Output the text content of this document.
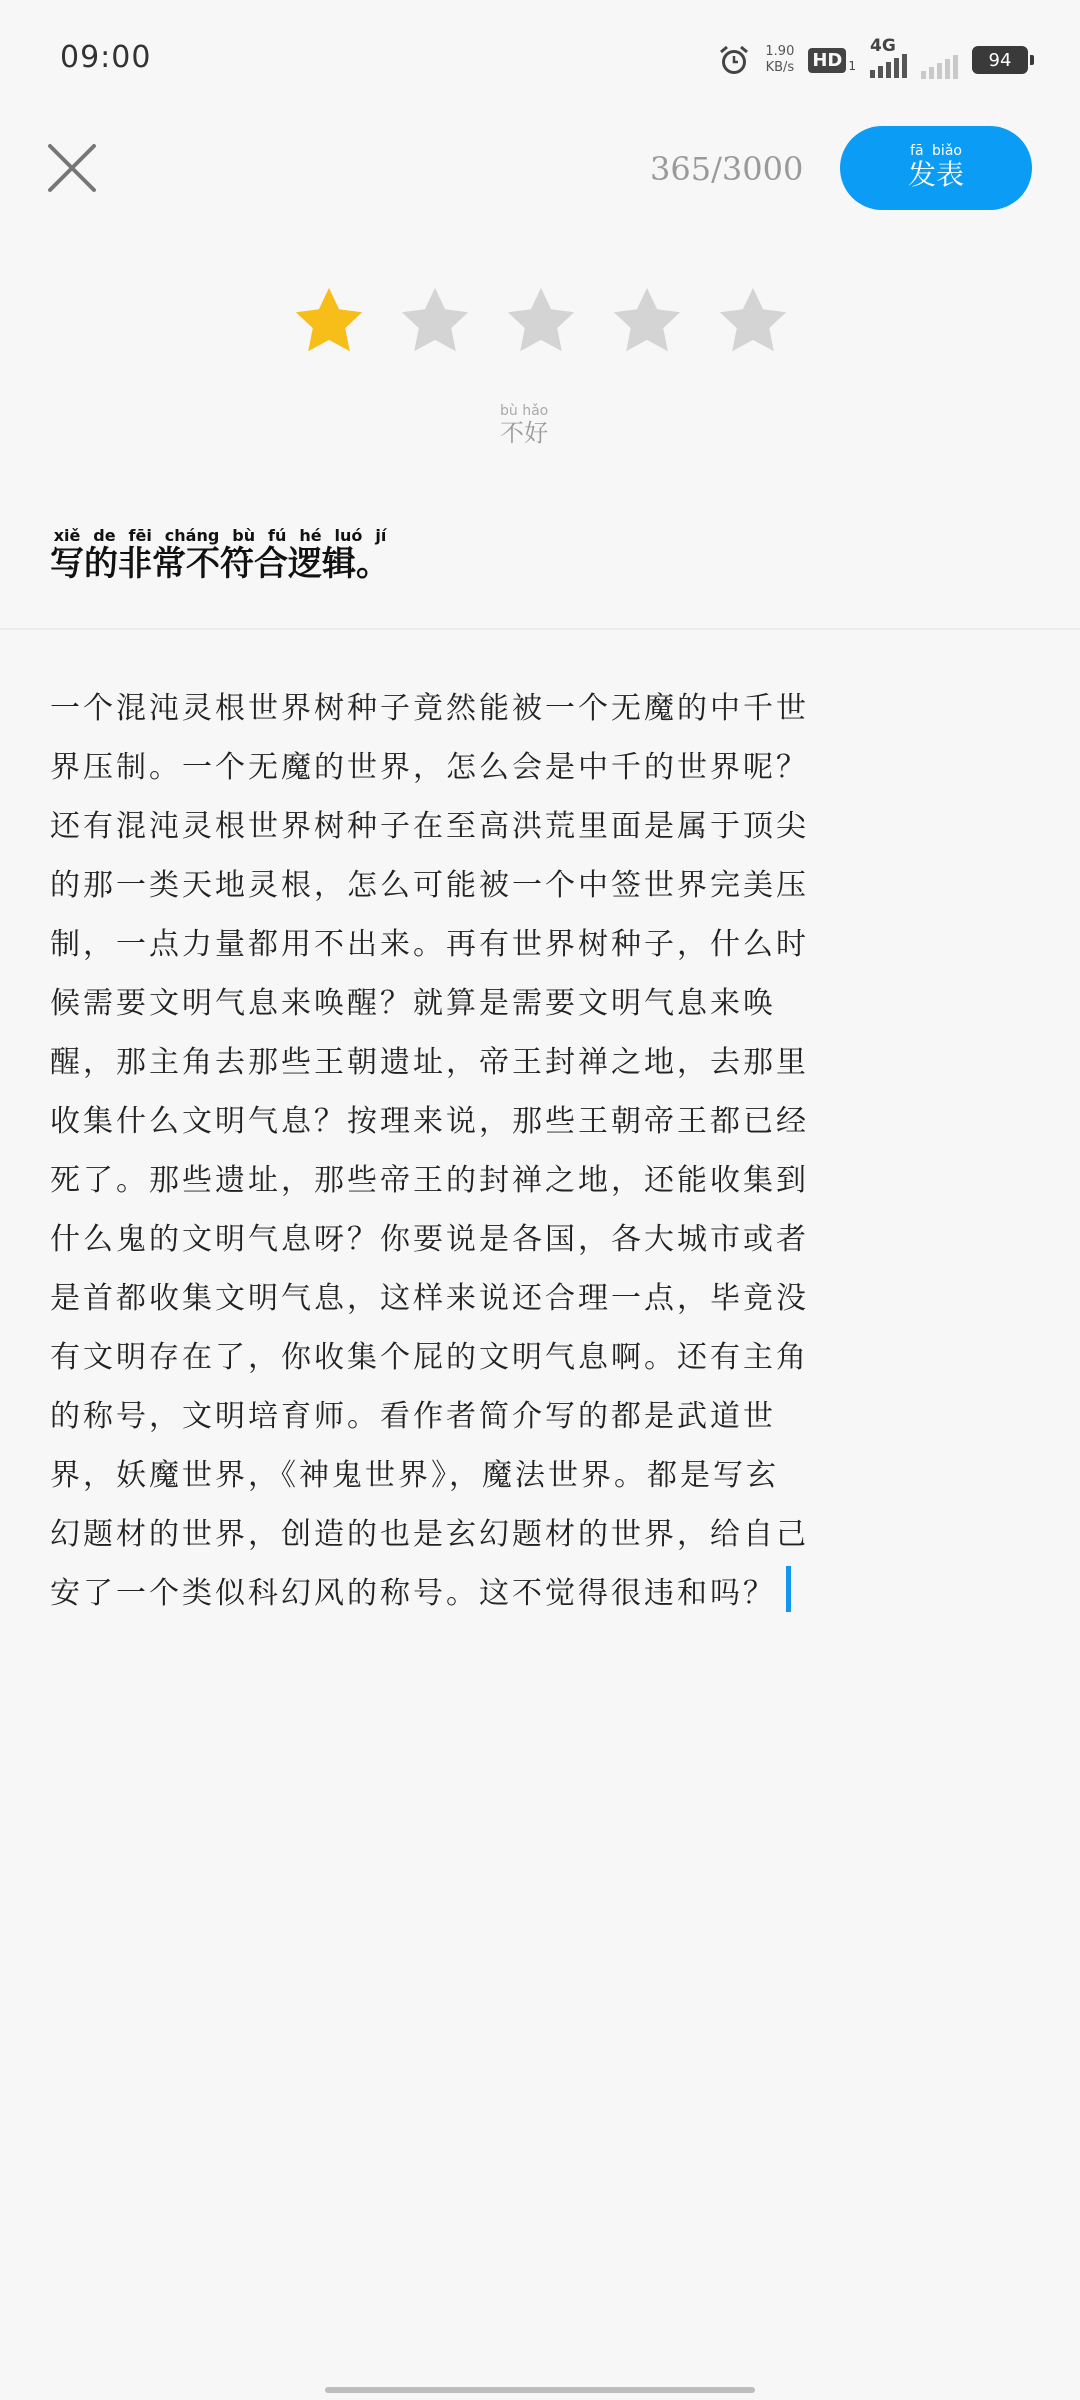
09:00	1.90
KB/s HD 1
4G
94
365/3000	发表fā biǎo
不好bù hǎo
写的非常不符合逻辑。xiě de fēi cháng bù fú hé luó jí
一个混沌灵根世界树种子竟然能被一个无魔的中千世
界压制。一个无魔的世界，怎么会是中千的世界呢？
还有混沌灵根世界树种子在至高洪荒里面是属于顶尖
的那一类天地灵根，怎么可能被一个中签世界完美压
制，一点力量都用不出来。再有世界树种子，什么时
候需要文明气息来唤醒？就算是需要文明气息来唤
醒，那主角去那些王朝遗址，帝王封禅之地，去那里
收集什么文明气息？按理来说，那些王朝帝王都已经
死了。那些遗址，那些帝王的封禅之地，还能收集到
什么鬼的文明气息呀？你要说是各国，各大城市或者
是首都收集文明气息，这样来说还合理一点，毕竟没
有文明存在了，你收集个屁的文明气息啊。还有主角
的称号，文明培育师。看作者简介写的都是武道世
界，妖魔世界，《神鬼世界》，魔法世界。都是写玄
幻题材的世界，创造的也是玄幻题材的世界，给自己
安了一个类似科幻风的称号。这不觉得很违和吗？
